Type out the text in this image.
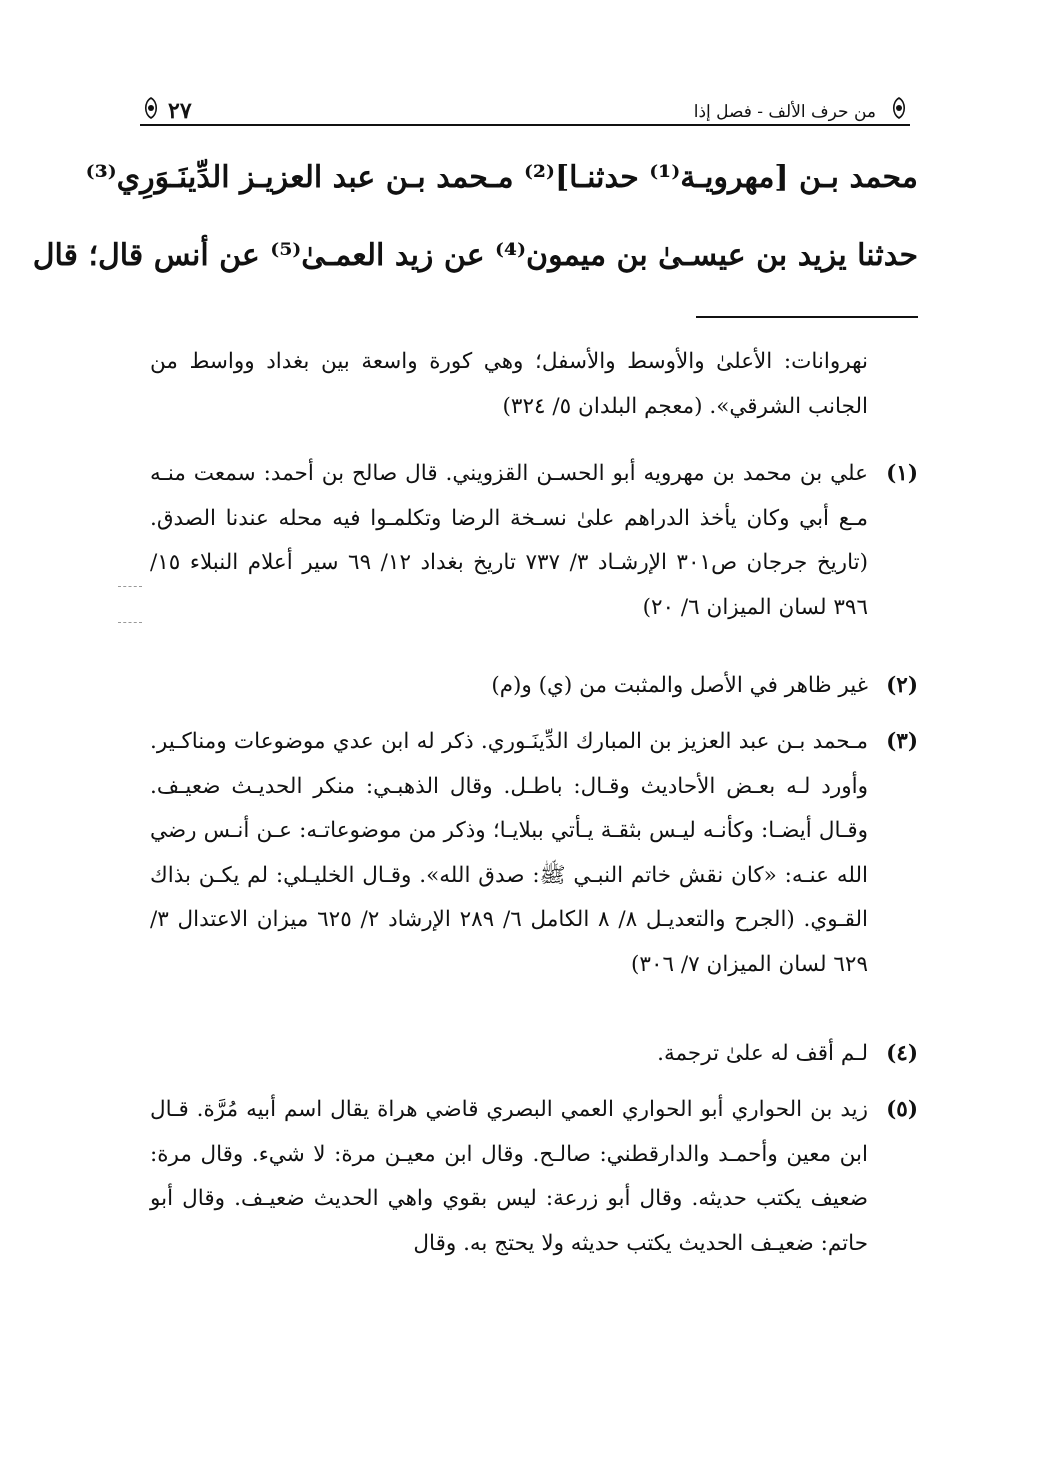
من حرف الألف - فصل إذا
٢٧
محمد بـن [مهرويـة⁽¹⁾ حدثنـا]⁽²⁾ مـحمد بـن عبد العزيـز الدِّينَـوَرِي⁽³⁾
حدثنا يزيد بن عيسـىٰ بن ميمون⁽⁴⁾ عن زيد العمـىٰ⁽⁵⁾ عن أنس قال؛ قال
نهروانات: الأعلىٰ والأوسط والأسفل؛ وهي كورة واسعة بين بغداد وواسط من الجانب الشرقي». (معجم البلدان ٥/ ٣٢٤)
(١)
علي بن محمد بن مهرويه أبو الحسـن القزويني. قال صالح بن أحمد: سمعت منـه مـع أبي وكان يأخذ الدراهم علىٰ نسـخة الرضا وتكلمـوا فيه محله عندنا الصدق. (تاريخ جرجان ص٣٠١ الإرشـاد ٣/ ٧٣٧ تاريخ بغداد ١٢/ ٦٩ سير أعلام النبلاء ١٥/ ٣٩٦ لسان الميزان ٦/ ٢٠)
(٢)
غير ظاهر في الأصل والمثبت من (ي) و(م)
(٣)
مـحمد بـن عبد العزيز بن المبارك الدِّينَـوري. ذكر له ابن عدي موضوعات ومناكـير. وأورد لـه بعـض الأحاديث وقـال: باطـل. وقال الذهبـي: منكر الحديـث ضعيـف. وقـال أيضـا: وكأنـه ليـس بثقـة يـأتي ببلايـا؛ وذكر من موضوعاتـه: عـن أنـس رضي الله عنـه: «كان نقش خاتم النبـي ﷺ: صدق الله». وقـال الخليـلي: لم يكـن بذاك القـوي. (الجرح والتعديـل ٨/ ٨ الكامل ٦/ ٢٨٩ الإرشاد ٢/ ٦٢٥ ميزان الاعتدال ٣/ ٦٢٩ لسان الميزان ٧/ ٣٠٦)
(٤)
لـم أقف له علىٰ ترجمة.
(٥)
زيد بن الحواري أبو الحواري العمي البصري قاضي هراة يقال اسم أبيه مُرَّة. قـال ابن معين وأحمـد والدارقطني: صالـح. وقال ابن معيـن مرة: لا شيء. وقال مرة: ضعيف يكتب حديثه. وقال أبو زرعة: ليس بقوي واهي الحديث ضعيـف. وقال أبو حاتم: ضعيـف الحديث يكتب حديثه ولا يحتج به. وقال
